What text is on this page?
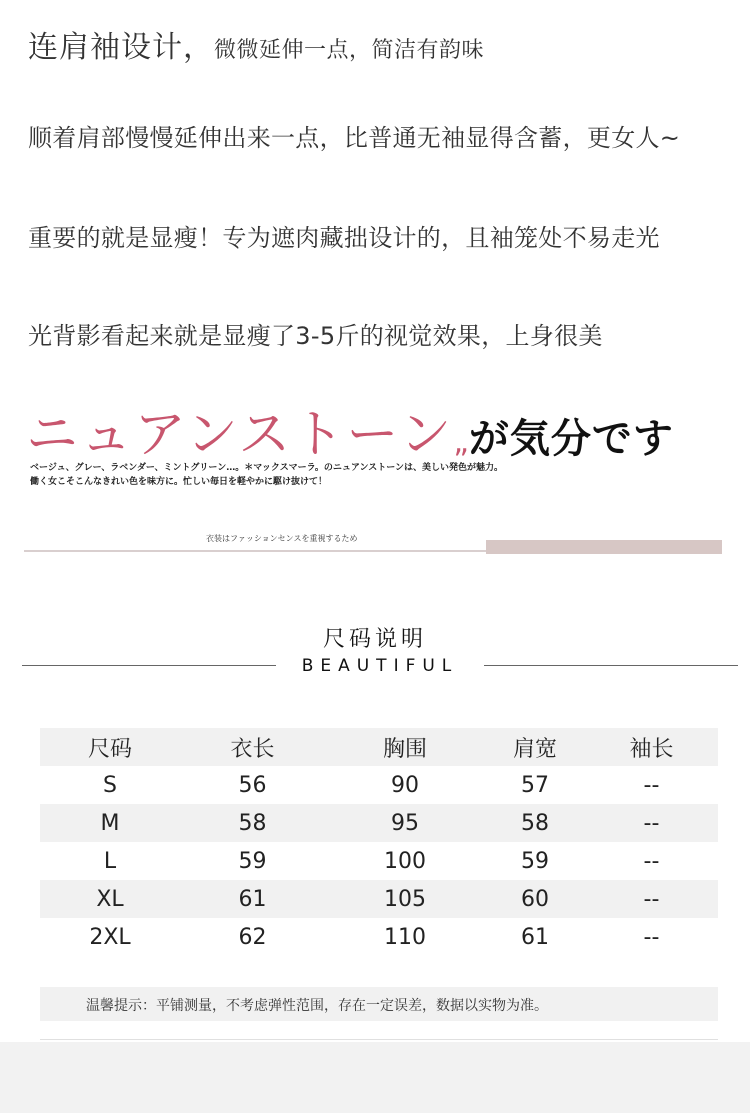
连肩袖设计，微微延伸一点，简洁有韵味
顺着肩部慢慢延伸出来一点，比普通无袖显得含蓄，更女人~
重要的就是显瘦！专为遮肉藏拙设计的，且袖笼处不易走光
光背影看起来就是显瘦了3-5斤的视觉效果，上身很美
ニュアンストーン„が気分です
ベージュ、グレー、ラベンダー、ミントグリーン…。＊マックスマーラ。のニュアンストーンは、美しい発色が魅力。
働く女こそこんなきれい色を味方に。忙しい毎日を軽やかに駆け抜けて！
衣装はファッションセンスを重視するため
尺码说明
BEAUTIFUL
尺码	衣长	胸围	肩宽	袖长
S	56	90	57	--
M	58	95	58	--
L	59	100	59	--
XL	61	105	60	--
2XL	62	110	61	--
温馨提示：平铺测量，不考虑弹性范围，存在一定误差，数据以实物为准。
